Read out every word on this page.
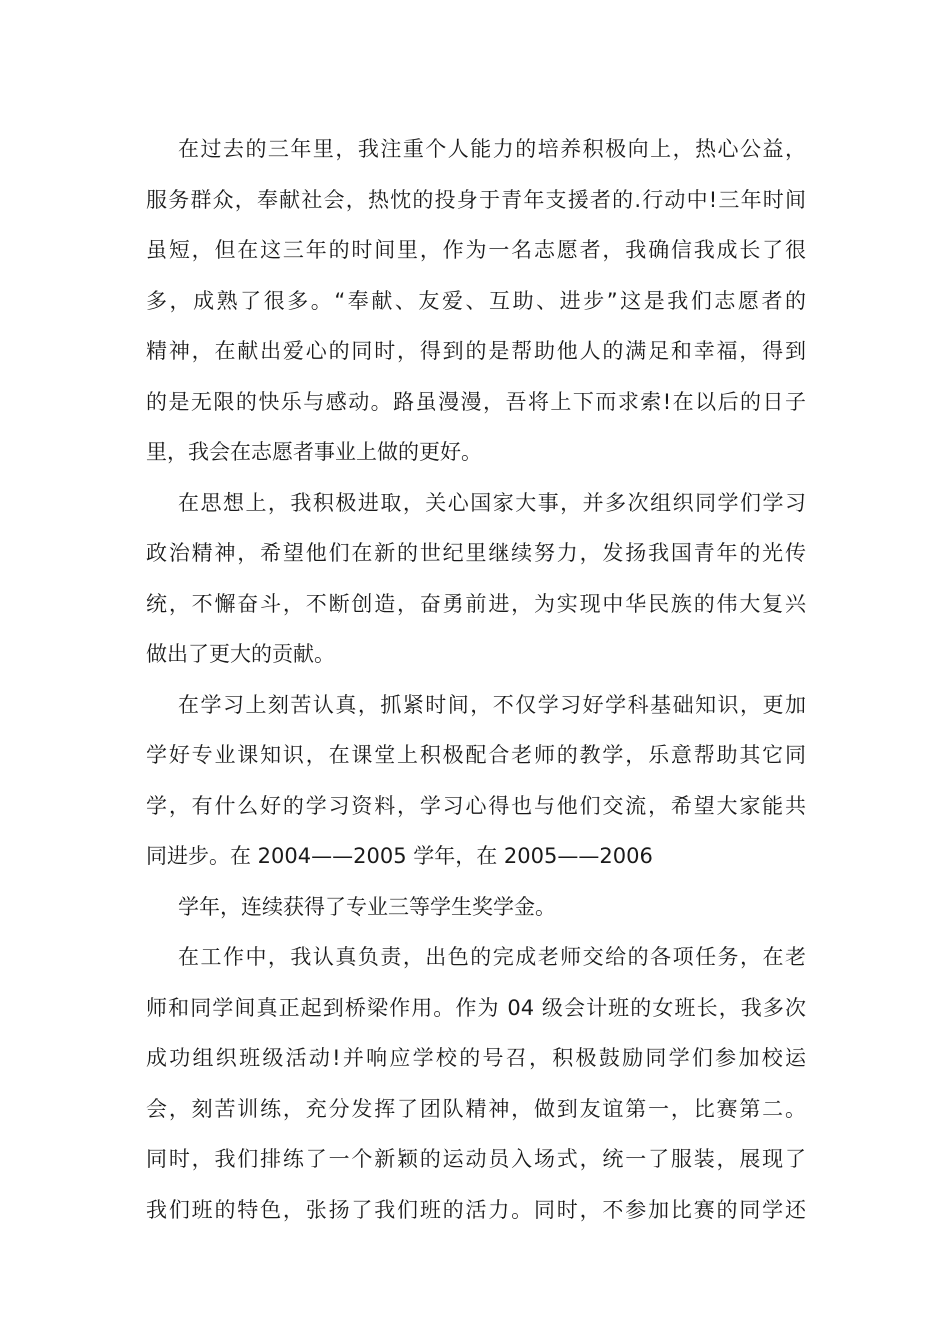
在过去的三年里，我注重个人能力的培养积极向上，热心公益，
服务群众，奉献社会，热忱的投身于青年支援者的.行动中!三年时间
虽短，但在这三年的时间里，作为一名志愿者，我确信我成长了很
多，成熟了很多。“奉献、友爱、互助、进步”这是我们志愿者的
精神，在献出爱心的同时，得到的是帮助他人的满足和幸福，得到
的是无限的快乐与感动。路虽漫漫，吾将上下而求索!在以后的日子
里，我会在志愿者事业上做的更好。

在思想上，我积极进取，关心国家大事，并多次组织同学们学习
政治精神，希望他们在新的世纪里继续努力，发扬我国青年的光传
统，不懈奋斗，不断创造，奋勇前进，为实现中华民族的伟大复兴
做出了更大的贡献。

在学习上刻苦认真，抓紧时间，不仅学习好学科基础知识，更加
学好专业课知识，在课堂上积极配合老师的教学，乐意帮助其它同
学，有什么好的学习资料，学习心得也与他们交流，希望大家能共
同进步。在 2004——2005 学年，在 2005——2006

学年，连续获得了专业三等学生奖学金。

在工作中，我认真负责，出色的完成老师交给的各项任务，在老
师和同学间真正起到桥梁作用。作为 04 级会计班的女班长，我多次
成功组织班级活动!并响应学校的号召，积极鼓励同学们参加校运
会，刻苦训练，充分发挥了团队精神，做到友谊第一，比赛第二。
同时，我们排练了一个新颖的运动员入场式，统一了服装，展现了
我们班的特色，张扬了我们班的活力。同时，不参加比赛的同学还
